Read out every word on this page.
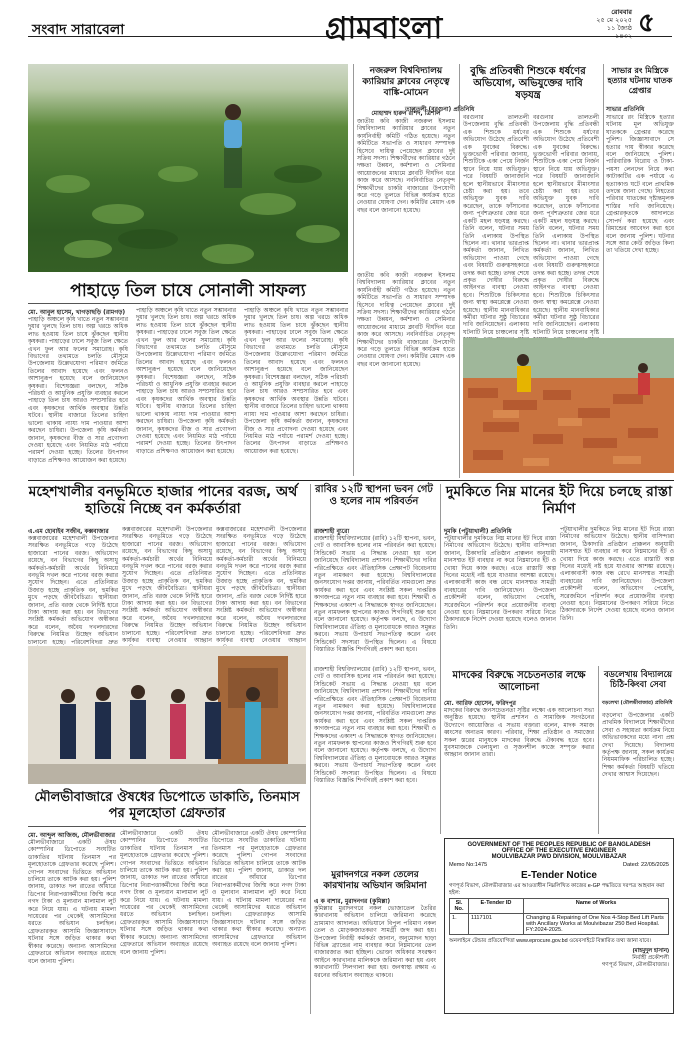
সংবাদ সারাবেলা	গ্রামবাংলা	রোববার
২৫ মে ২০২৫
১১ জ্যৈষ্ঠ ১৪৩২ ৫
পাহাড়ে তিল চাষে সোনালী সাফল্য
মো. আবুল হাসেম, খাগড়াছড়ি (রামগড়)
পাহাড়ি অঞ্চলে কৃষি খাতে নতুন সম্ভাবনার দুয়ার খুলছে তিল চাষ। অল্প খরচে অধিক লাভ হওয়ায় তিল চাষে ঝুঁকছেন স্থানীয় কৃষকরা। পাহাড়ের ঢালে সবুজ তিল ক্ষেতে এখন ফুল আর ফলের সমারোহ। কৃষি বিভাগের তথ্যমতে চলতি মৌসুমে উপজেলায় উল্লেখযোগ্য পরিমাণ জমিতে তিলের আবাদ হয়েছে এবং ফলনও আশানুরূপ হয়েছে বলে জানিয়েছেন কৃষকরা। বিশেষজ্ঞরা বলছেন, সঠিক পরিচর্যা ও আধুনিক প্রযুক্তি ব্যবহার করলে পাহাড়ে তিল চাষ আরও সম্প্রসারিত হবে এবং কৃষকদের আর্থিক অবস্থার উন্নতি ঘটবে। স্থানীয় বাজারে তিলের চাহিদা ভালো থাকায় ন্যায্য দাম পাওয়ার আশা করছেন চাষিরা। উপজেলা কৃষি কর্মকর্তা জানান, কৃষকদের বীজ ও সার প্রণোদনা দেওয়া হয়েছে এবং নিয়মিত মাঠ পর্যায়ে পরামর্শ দেওয়া হচ্ছে। তিলের উৎপাদন বাড়াতে প্রশিক্ষণও আয়োজন করা হয়েছে।
পাহাড়ি অঞ্চলে কৃষি খাতে নতুন সম্ভাবনার দুয়ার খুলছে তিল চাষ। অল্প খরচে অধিক লাভ হওয়ায় তিল চাষে ঝুঁকছেন স্থানীয় কৃষকরা। পাহাড়ের ঢালে সবুজ তিল ক্ষেতে এখন ফুল আর ফলের সমারোহ। কৃষি বিভাগের তথ্যমতে চলতি মৌসুমে উপজেলায় উল্লেখযোগ্য পরিমাণ জমিতে তিলের আবাদ হয়েছে এবং ফলনও আশানুরূপ হয়েছে বলে জানিয়েছেন কৃষকরা। বিশেষজ্ঞরা বলছেন, সঠিক পরিচর্যা ও আধুনিক প্রযুক্তি ব্যবহার করলে পাহাড়ে তিল চাষ আরও সম্প্রসারিত হবে এবং কৃষকদের আর্থিক অবস্থার উন্নতি ঘটবে। স্থানীয় বাজারে তিলের চাহিদা ভালো থাকায় ন্যায্য দাম পাওয়ার আশা করছেন চাষিরা। উপজেলা কৃষি কর্মকর্তা জানান, কৃষকদের বীজ ও সার প্রণোদনা দেওয়া হয়েছে এবং নিয়মিত মাঠ পর্যায়ে পরামর্শ দেওয়া হচ্ছে। তিলের উৎপাদন বাড়াতে প্রশিক্ষণও আয়োজন করা হয়েছে।
পাহাড়ি অঞ্চলে কৃষি খাতে নতুন সম্ভাবনার দুয়ার খুলছে তিল চাষ। অল্প খরচে অধিক লাভ হওয়ায় তিল চাষে ঝুঁকছেন স্থানীয় কৃষকরা। পাহাড়ের ঢালে সবুজ তিল ক্ষেতে এখন ফুল আর ফলের সমারোহ। কৃষি বিভাগের তথ্যমতে চলতি মৌসুমে উপজেলায় উল্লেখযোগ্য পরিমাণ জমিতে তিলের আবাদ হয়েছে এবং ফলনও আশানুরূপ হয়েছে বলে জানিয়েছেন কৃষকরা। বিশেষজ্ঞরা বলছেন, সঠিক পরিচর্যা ও আধুনিক প্রযুক্তি ব্যবহার করলে পাহাড়ে তিল চাষ আরও সম্প্রসারিত হবে এবং কৃষকদের আর্থিক অবস্থার উন্নতি ঘটবে। স্থানীয় বাজারে তিলের চাহিদা ভালো থাকায় ন্যায্য দাম পাওয়ার আশা করছেন চাষিরা। উপজেলা কৃষি কর্মকর্তা জানান, কৃষকদের বীজ ও সার প্রণোদনা দেওয়া হয়েছে এবং নিয়মিত মাঠ পর্যায়ে পরামর্শ দেওয়া হচ্ছে। তিলের উৎপাদন বাড়াতে প্রশিক্ষণও আয়োজন করা হয়েছে।
নজরুল বিশ্ববিদ্যালয় ক্যারিয়ার ক্লাবের নেতৃত্বে বাঙ্কি-মোমেন
মোহাম্মদ হারুন রশিদ, ত্রিশাল
জাতীয় কবি কাজী নজরুল ইসলাম বিশ্ববিদ্যালয় ক্যারিয়ার ক্লাবের নতুন কার্যনির্বাহী কমিটি গঠিত হয়েছে। নতুন কমিটিতে সভাপতি ও সাধারণ সম্পাদক হিসেবে দায়িত্ব পেয়েছেন ক্লাবের দুই সক্রিয় সদস্য। শিক্ষার্থীদের ক্যারিয়ার গঠনে দক্ষতা উন্নয়ন, কর্মশালা ও সেমিনার আয়োজনের মাধ্যমে ক্লাবটি দীর্ঘদিন ধরে কাজ করে আসছে। নবনির্বাচিত নেতৃবৃন্দ শিক্ষার্থীদের চাকরি বাজারের উপযোগী করে গড়ে তুলতে বিভিন্ন কার্যক্রম হাতে নেওয়ার ঘোষণা দেন। কমিটির মেয়াদ এক বছর বলে জানানো হয়েছে।
জাতীয় কবি কাজী নজরুল ইসলাম বিশ্ববিদ্যালয় ক্যারিয়ার ক্লাবের নতুন কার্যনির্বাহী কমিটি গঠিত হয়েছে। নতুন কমিটিতে সভাপতি ও সাধারণ সম্পাদক হিসেবে দায়িত্ব পেয়েছেন ক্লাবের দুই সক্রিয় সদস্য। শিক্ষার্থীদের ক্যারিয়ার গঠনে দক্ষতা উন্নয়ন, কর্মশালা ও সেমিনার আয়োজনের মাধ্যমে ক্লাবটি দীর্ঘদিন ধরে কাজ করে আসছে। নবনির্বাচিত নেতৃবৃন্দ শিক্ষার্থীদের চাকরি বাজারের উপযোগী করে গড়ে তুলতে বিভিন্ন কার্যক্রম হাতে নেওয়ার ঘোষণা দেন। কমিটির মেয়াদ এক বছর বলে জানানো হয়েছে।
বুদ্ধি প্রতিবন্ধী শিশুকে ধর্ষণের অভিযোগ, অভিযুক্তের দাবি ষড়যন্ত্র
তালতলী (বরগুনা) প্রতিনিধি
বরগুনার তালতলী উপজেলায় বুদ্ধি প্রতিবন্ধী এক শিশুকে ধর্ষণের অভিযোগ উঠেছে প্রতিবেশী এক যুবকের বিরুদ্ধে। ভুক্তভোগী পরিবার জানায়, শিশুটিকে একা পেয়ে নির্জন স্থানে নিয়ে যায় অভিযুক্ত। পরে বিষয়টি জানাজানি হলে স্থানীয়ভাবে মীমাংসার চেষ্টা করা হয়। তবে অভিযুক্ত যুবক দাবি করেছেন, তাকে ফাঁসানোর জন্য পূর্বশত্রুতার জের ধরে একটি মহল ষড়যন্ত্র করছে। তিনি বলেন, ঘটনার সময় তিনি এলাকায় উপস্থিত ছিলেন না। থানার ভারপ্রাপ্ত কর্মকর্তা জানান, লিখিত অভিযোগ পাওয়া গেছে এবং বিষয়টি গুরুত্বসহকারে তদন্ত করা হচ্ছে। তদন্ত শেষে প্রকৃত দোষীর বিরুদ্ধে আইনগত ব্যবস্থা নেওয়া হবে। শিশুটিকে চিকিৎসার জন্য স্বাস্থ্য কমপ্লেক্সে নেওয়া হয়েছে। স্থানীয় মানবাধিকার কর্মীরা ঘটনার সুষ্ঠু বিচারের দাবি জানিয়েছেন। এলাকায় ঘটনাটি নিয়ে চাঞ্চল্যের সৃষ্টি
বরগুনার তালতলী উপজেলায় বুদ্ধি প্রতিবন্ধী এক শিশুকে ধর্ষণের অভিযোগ উঠেছে প্রতিবেশী এক যুবকের বিরুদ্ধে। ভুক্তভোগী পরিবার জানায়, শিশুটিকে একা পেয়ে নির্জন স্থানে নিয়ে যায় অভিযুক্ত। পরে বিষয়টি জানাজানি হলে স্থানীয়ভাবে মীমাংসার চেষ্টা করা হয়। তবে অভিযুক্ত যুবক দাবি করেছেন, তাকে ফাঁসানোর জন্য পূর্বশত্রুতার জের ধরে একটি মহল ষড়যন্ত্র করছে। তিনি বলেন, ঘটনার সময় তিনি এলাকায় উপস্থিত ছিলেন না। থানার ভারপ্রাপ্ত কর্মকর্তা জানান, লিখিত অভিযোগ পাওয়া গেছে এবং বিষয়টি গুরুত্বসহকারে তদন্ত করা হচ্ছে। তদন্ত শেষে প্রকৃত দোষীর বিরুদ্ধে আইনগত ব্যবস্থা নেওয়া হবে। শিশুটিকে চিকিৎসার জন্য স্বাস্থ্য কমপ্লেক্সে নেওয়া হয়েছে। স্থানীয় মানবাধিকার কর্মীরা ঘটনার সুষ্ঠু বিচারের দাবি জানিয়েছেন। এলাকায় ঘটনাটি নিয়ে চাঞ্চল্যের সৃষ্টি
সাভার রং মিস্ত্রিকে হত্যার ঘটনায় ঘাতক গ্রেপ্তার
সাভার প্রতিনিধি
সাভারে রং মিস্ত্রিকে হত্যার ঘটনায় মূল অভিযুক্ত ঘাতককে গ্রেপ্তার করেছে পুলিশ। জিজ্ঞাসাবাদে সে হত্যার দায় স্বীকার করেছে বলে জানিয়েছে পুলিশ। পারিবারিক বিরোধ ও টাকা-পয়সা লেনদেন নিয়ে কথা কাটাকাটির এক পর্যায়ে এ হত্যাকাণ্ড ঘটে বলে প্রাথমিক তদন্তে জানা গেছে। নিহতের পরিবার ঘাতকের দৃষ্টান্তমূলক শাস্তির দাবি জানিয়েছে। গ্রেপ্তারকৃতকে আদালতে সোপর্দ করা হয়েছে এবং রিমান্ডের আবেদন করা হবে বলে জানায় পুলিশ। ঘটনার সঙ্গে আর কেউ জড়িত কিনা তা খতিয়ে দেখা হচ্ছে।
মহেশখালীর বনভূমিতে হাজার পানের বরজ, অর্থ হাতিয়ে নিচ্ছে বন কর্মকর্তারা
এ.এম হোবাইব সজীব, কক্সবাজার
কক্সবাজারের মহেশখালী উপজেলার সংরক্ষিত বনভূমিতে গড়ে উঠেছে হাজারো পানের বরজ। অভিযোগ রয়েছে, বন বিভাগের কিছু অসাধু কর্মকর্তা-কর্মচারী অর্থের বিনিময়ে বনভূমি দখল করে পানের বরজ করার সুযোগ দিচ্ছেন। এতে প্রতিনিয়ত উজাড় হচ্ছে প্রাকৃতিক বন, হুমকির মুখে পড়ছে জীববৈচিত্র্য। স্থানীয়রা জানান, প্রতি বরজ থেকে নির্দিষ্ট হারে টাকা আদায় করা হয়। বন বিভাগের সংশ্লিষ্ট কর্মকর্তা অভিযোগ অস্বীকার করে বলেন, অবৈধ দখলদারদের বিরুদ্ধে নিয়মিত উচ্ছেদ অভিযান চালানো হচ্ছে। পরিবেশবিদরা দ্রুত
কক্সবাজারের মহেশখালী উপজেলার সংরক্ষিত বনভূমিতে গড়ে উঠেছে হাজারো পানের বরজ। অভিযোগ রয়েছে, বন বিভাগের কিছু অসাধু কর্মকর্তা-কর্মচারী অর্থের বিনিময়ে বনভূমি দখল করে পানের বরজ করার সুযোগ দিচ্ছেন। এতে প্রতিনিয়ত উজাড় হচ্ছে প্রাকৃতিক বন, হুমকির মুখে পড়ছে জীববৈচিত্র্য। স্থানীয়রা জানান, প্রতি বরজ থেকে নির্দিষ্ট হারে টাকা আদায় করা হয়। বন বিভাগের সংশ্লিষ্ট কর্মকর্তা অভিযোগ অস্বীকার করে বলেন, অবৈধ দখলদারদের বিরুদ্ধে নিয়মিত উচ্ছেদ অভিযান চালানো হচ্ছে। পরিবেশবিদরা দ্রুত কার্যকর ব্যবস্থা নেওয়ার আহ্বান
কক্সবাজারের মহেশখালী উপজেলার সংরক্ষিত বনভূমিতে গড়ে উঠেছে হাজারো পানের বরজ। অভিযোগ রয়েছে, বন বিভাগের কিছু অসাধু কর্মকর্তা-কর্মচারী অর্থের বিনিময়ে বনভূমি দখল করে পানের বরজ করার সুযোগ দিচ্ছেন। এতে প্রতিনিয়ত উজাড় হচ্ছে প্রাকৃতিক বন, হুমকির মুখে পড়ছে জীববৈচিত্র্য। স্থানীয়রা জানান, প্রতি বরজ থেকে নির্দিষ্ট হারে টাকা আদায় করা হয়। বন বিভাগের সংশ্লিষ্ট কর্মকর্তা অভিযোগ অস্বীকার করে বলেন, অবৈধ দখলদারদের বিরুদ্ধে নিয়মিত উচ্ছেদ অভিযান চালানো হচ্ছে। পরিবেশবিদরা দ্রুত কার্যকর ব্যবস্থা নেওয়ার আহ্বান
রাবির ১২টি স্থাপনা ভবন গেট ও হলের নাম পরিবর্তন
রাজশাহী ব্যুরো
রাজশাহী বিশ্ববিদ্যালয়ের (রাবি) ১২টি স্থাপনা, ভবন, গেট ও আবাসিক হলের নাম পরিবর্তন করা হয়েছে। সিন্ডিকেট সভায় এ সিদ্ধান্ত নেওয়া হয় বলে জানিয়েছে বিশ্ববিদ্যালয় প্রশাসন। শিক্ষার্থীদের দাবির পরিপ্রেক্ষিতে এবং ঐতিহাসিক প্রেক্ষাপট বিবেচনায় নতুন নামকরণ করা হয়েছে। বিশ্ববিদ্যালয়ের জনসংযোগ দপ্তর জানায়, পরিবর্তিত নামগুলো দ্রুত কার্যকর করা হবে এবং সংশ্লিষ্ট সকল দাপ্তরিক কাগজপত্রে নতুন নাম ব্যবহার করা হবে। শিক্ষার্থী ও শিক্ষকদের একাংশ এ সিদ্ধান্তকে স্বাগত জানিয়েছেন। নতুন নামফলক স্থাপনের কাজও শিগগিরই শুরু হবে বলে জানানো হয়েছে। কর্তৃপক্ষ বলছে, এ উদ্যোগ বিশ্ববিদ্যালয়ের ঐতিহ্য ও মূল্যবোধকে আরও সমুন্নত করবে। সভায় উপাচার্য সভাপতিত্ব করেন এবং সিন্ডিকেট সদস্যরা উপস্থিত ছিলেন। এ বিষয়ে বিস্তারিত বিজ্ঞপ্তি শিগগিরই প্রকাশ করা হবে।
রাজশাহী বিশ্ববিদ্যালয়ের (রাবি) ১২টি স্থাপনা, ভবন, গেট ও আবাসিক হলের নাম পরিবর্তন করা হয়েছে। সিন্ডিকেট সভায় এ সিদ্ধান্ত নেওয়া হয় বলে জানিয়েছে বিশ্ববিদ্যালয় প্রশাসন। শিক্ষার্থীদের দাবির পরিপ্রেক্ষিতে এবং ঐতিহাসিক প্রেক্ষাপট বিবেচনায় নতুন নামকরণ করা হয়েছে। বিশ্ববিদ্যালয়ের জনসংযোগ দপ্তর জানায়, পরিবর্তিত নামগুলো দ্রুত কার্যকর করা হবে এবং সংশ্লিষ্ট সকল দাপ্তরিক কাগজপত্রে নতুন নাম ব্যবহার করা হবে। শিক্ষার্থী ও শিক্ষকদের একাংশ এ সিদ্ধান্তকে স্বাগত জানিয়েছেন। নতুন নামফলক স্থাপনের কাজও শিগগিরই শুরু হবে বলে জানানো হয়েছে। কর্তৃপক্ষ বলছে, এ উদ্যোগ বিশ্ববিদ্যালয়ের ঐতিহ্য ও মূল্যবোধকে আরও সমুন্নত করবে। সভায় উপাচার্য সভাপতিত্ব করেন এবং সিন্ডিকেট সদস্যরা উপস্থিত ছিলেন। এ বিষয়ে বিস্তারিত বিজ্ঞপ্তি শিগগিরই প্রকাশ করা হবে।
দুমকিতে নিম্ন মানের ইট দিয়ে চলছে রাস্তা নির্মাণ
দুমকি (পটুয়াখালী) প্রতিনিধি
পটুয়াখালীর দুমকিতে নিম্ন মানের ইট দিয়ে রাস্তা নির্মাণের অভিযোগ উঠেছে। স্থানীয় বাসিন্দারা জানান, ঠিকাদারি প্রতিষ্ঠান প্রাক্কলন অনুযায়ী মানসম্মত ইট ব্যবহার না করে নিম্নমানের ইট ও খোয়া দিয়ে কাজ করছে। এতে রাস্তাটি অল্প দিনের মধ্যেই নষ্ট হয়ে যাওয়ার আশঙ্কা রয়েছে। এলাকাবাসী কাজ বন্ধ রেখে মানসম্মত সামগ্রী ব্যবহারের দাবি জানিয়েছেন। উপজেলা প্রকৌশলী বলেন, অভিযোগ পেয়েছি, সরেজমিনে পরিদর্শন করে প্রয়োজনীয় ব্যবস্থা নেওয়া হবে। নিম্নমানের উপকরণ সরিয়ে নিতে ঠিকাদারকে নির্দেশ দেওয়া হয়েছে বলেও জানান তিনি।
পটুয়াখালীর দুমকিতে নিম্ন মানের ইট দিয়ে রাস্তা নির্মাণের অভিযোগ উঠেছে। স্থানীয় বাসিন্দারা জানান, ঠিকাদারি প্রতিষ্ঠান প্রাক্কলন অনুযায়ী মানসম্মত ইট ব্যবহার না করে নিম্নমানের ইট ও খোয়া দিয়ে কাজ করছে। এতে রাস্তাটি অল্প দিনের মধ্যেই নষ্ট হয়ে যাওয়ার আশঙ্কা রয়েছে। এলাকাবাসী কাজ বন্ধ রেখে মানসম্মত সামগ্রী ব্যবহারের দাবি জানিয়েছেন। উপজেলা প্রকৌশলী বলেন, অভিযোগ পেয়েছি, সরেজমিনে পরিদর্শন করে প্রয়োজনীয় ব্যবস্থা নেওয়া হবে। নিম্নমানের উপকরণ সরিয়ে নিতে ঠিকাদারকে নির্দেশ দেওয়া হয়েছে বলেও জানান তিনি।
মৌলভীবাজারে ঔষধের ডিপোতে ডাকাতি, তিনমাস পর মূলহোতা গ্রেফতার
মো. আব্দুল আজিজ, মৌলভীবাজার
মৌলভীবাজারে একটি ঔষধ কোম্পানির ডিপোতে সংঘটিত ডাকাতির ঘটনায় তিনমাস পর মূলহোতাকে গ্রেফতার করেছে পুলিশ। গোপন সংবাদের ভিত্তিতে অভিযান চালিয়ে তাকে আটক করা হয়। পুলিশ জানায়, ডাকাত দল রাতের আঁধারে ডিপোর নিরাপত্তাকর্মীদের জিম্মি করে নগদ টাকা ও মূল্যবান মালামাল লুট করে নিয়ে যায়। এ ঘটনায় মামলা দায়েরের পর থেকেই আসামিদের ধরতে অভিযান চলছিল। গ্রেফতারকৃত আসামি জিজ্ঞাসাবাদে ঘটনার সঙ্গে জড়িত থাকার কথা স্বীকার করেছে। অন্যান্য আসামিদের গ্রেফতারে অভিযান অব্যাহত রয়েছে বলে জানায় পুলিশ।
মৌলভীবাজারে একটি ঔষধ কোম্পানির ডিপোতে সংঘটিত ডাকাতির ঘটনায় তিনমাস পর মূলহোতাকে গ্রেফতার করেছে পুলিশ। গোপন সংবাদের ভিত্তিতে অভিযান চালিয়ে তাকে আটক করা হয়। পুলিশ জানায়, ডাকাত দল রাতের আঁধারে ডিপোর নিরাপত্তাকর্মীদের জিম্মি করে নগদ টাকা ও মূল্যবান মালামাল লুট করে নিয়ে যায়। এ ঘটনায় মামলা দায়েরের পর থেকেই আসামিদের ধরতে অভিযান চলছিল। গ্রেফতারকৃত আসামি জিজ্ঞাসাবাদে ঘটনার সঙ্গে জড়িত থাকার কথা স্বীকার করেছে। অন্যান্য আসামিদের গ্রেফতারে অভিযান অব্যাহত রয়েছে বলে জানায় পুলিশ।
মৌলভীবাজারে একটি ঔষধ কোম্পানির ডিপোতে সংঘটিত ডাকাতির ঘটনায় তিনমাস পর মূলহোতাকে গ্রেফতার করেছে পুলিশ। গোপন সংবাদের ভিত্তিতে অভিযান চালিয়ে তাকে আটক করা হয়। পুলিশ জানায়, ডাকাত দল রাতের আঁধারে ডিপোর নিরাপত্তাকর্মীদের জিম্মি করে নগদ টাকা ও মূল্যবান মালামাল লুট করে নিয়ে যায়। এ ঘটনায় মামলা দায়েরের পর থেকেই আসামিদের ধরতে অভিযান চলছিল। গ্রেফতারকৃত আসামি জিজ্ঞাসাবাদে ঘটনার সঙ্গে জড়িত থাকার কথা স্বীকার করেছে। অন্যান্য আসামিদের গ্রেফতারে অভিযান অব্যাহত রয়েছে বলে জানায় পুলিশ।
মাদকের বিরুদ্ধে সচেতনতার লক্ষে আলোচনা
মো. আরিফ হোসেন, ফরিদপুর
মাদকের বিরুদ্ধে জনসচেতনতা সৃষ্টির লক্ষ্যে এক আলোচনা সভা অনুষ্ঠিত হয়েছে। স্থানীয় প্রশাসন ও সামাজিক সংগঠনের উদ্যোগে আয়োজিত এ সভায় বক্তারা বলেন, মাদক সমাজ ধ্বংসের অন্যতম কারণ। পরিবার, শিক্ষা প্রতিষ্ঠান ও সমাজের সকল স্তরের মানুষকে মাদকের বিরুদ্ধে ঐক্যবদ্ধ হতে হবে। যুবসমাজকে খেলাধুলা ও সৃজনশীল কাজে সম্পৃক্ত করার আহ্বান জানান তারা।
বডলেখায় বিদ্যালয়ে চিঠি-কিংবা সেবা
বড়লেখা (মৌলভীবাজার) প্রতিনিধি
বড়লেখা উপজেলার একটি প্রাথমিক বিদ্যালয়ে শিক্ষার্থীদের সেবা ও সহায়তা কার্যক্রম নিয়ে অভিভাবকদের মধ্যে নানা প্রশ্ন দেখা দিয়েছে। বিদ্যালয় কর্তৃপক্ষ জানায়, সকল কার্যক্রম নিয়মমাফিক পরিচালিত হচ্ছে। শিক্ষা কর্মকর্তা বিষয়টি খতিয়ে দেখার আশ্বাস দিয়েছেন।
মুরাদনগরে নকল তেলের কারখানায় অভিযান জরিমানা
এ ক বাশার, মুরাদনগর (কুমিল্লা)
কুমিল্লার মুরাদনগরে নকল ভোজ্যতেল তৈরির কারখানায় অভিযান চালিয়ে জরিমানা করেছে ভ্রাম্যমাণ আদালত। অভিযানে বিপুল পরিমাণ নকল তেল ও মোড়কজাতকরণ সামগ্রী জব্দ করা হয়। উপজেলা নির্বাহী কর্মকর্তা জানান, অনুমোদন ছাড়া বিভিন্ন ব্র্যান্ডের নাম ব্যবহার করে নিম্নমানের তেল বাজারজাত করা হচ্ছিল। ভোক্তা অধিকার সংরক্ষণ আইনে কারখানার মালিককে জরিমানা করা হয় এবং কারখানাটি সিলগালা করা হয়। জনস্বাস্থ্য রক্ষায় এ ধরনের অভিযান অব্যাহত থাকবে।
GOVERNMENT OF THE PEOPLES REPUBLIC OF BANGLADESH
OFFICE OF THE EXECUTIVE ENGINEER
MOULVIBAZAR PWD DIVISION, MOULVIBAZAR
Memo No:1475	Dated: 22/05/2025
E-Tender Notice
গণপূর্ত বিভাগ, মৌলভীবাজার এর আওতাধীন নিম্নলিখিত কাজের e-GP পদ্ধতিতে দরপত্র আহবান করা হইল:
Sl. No.	E-Tender ID	Name of Works
1.	1117101	Changing & Repairing of One Nos 4-Stop Bed Lift Parts with Ancillary Works at Moulvibazar 250 Bed Hospital. FY:2024-2025.
অনলাইনে টেন্ডার প্রতিযোগিতা www.eprocure.gov.bd ওয়েবসাইটে বিস্তারিত তথ্য জানা যাবে।
(মাহমুদুল হাসান)
নির্বাহী প্রকৌশলী
গণপূর্ত বিভাগ, মৌলভীবাজার।
